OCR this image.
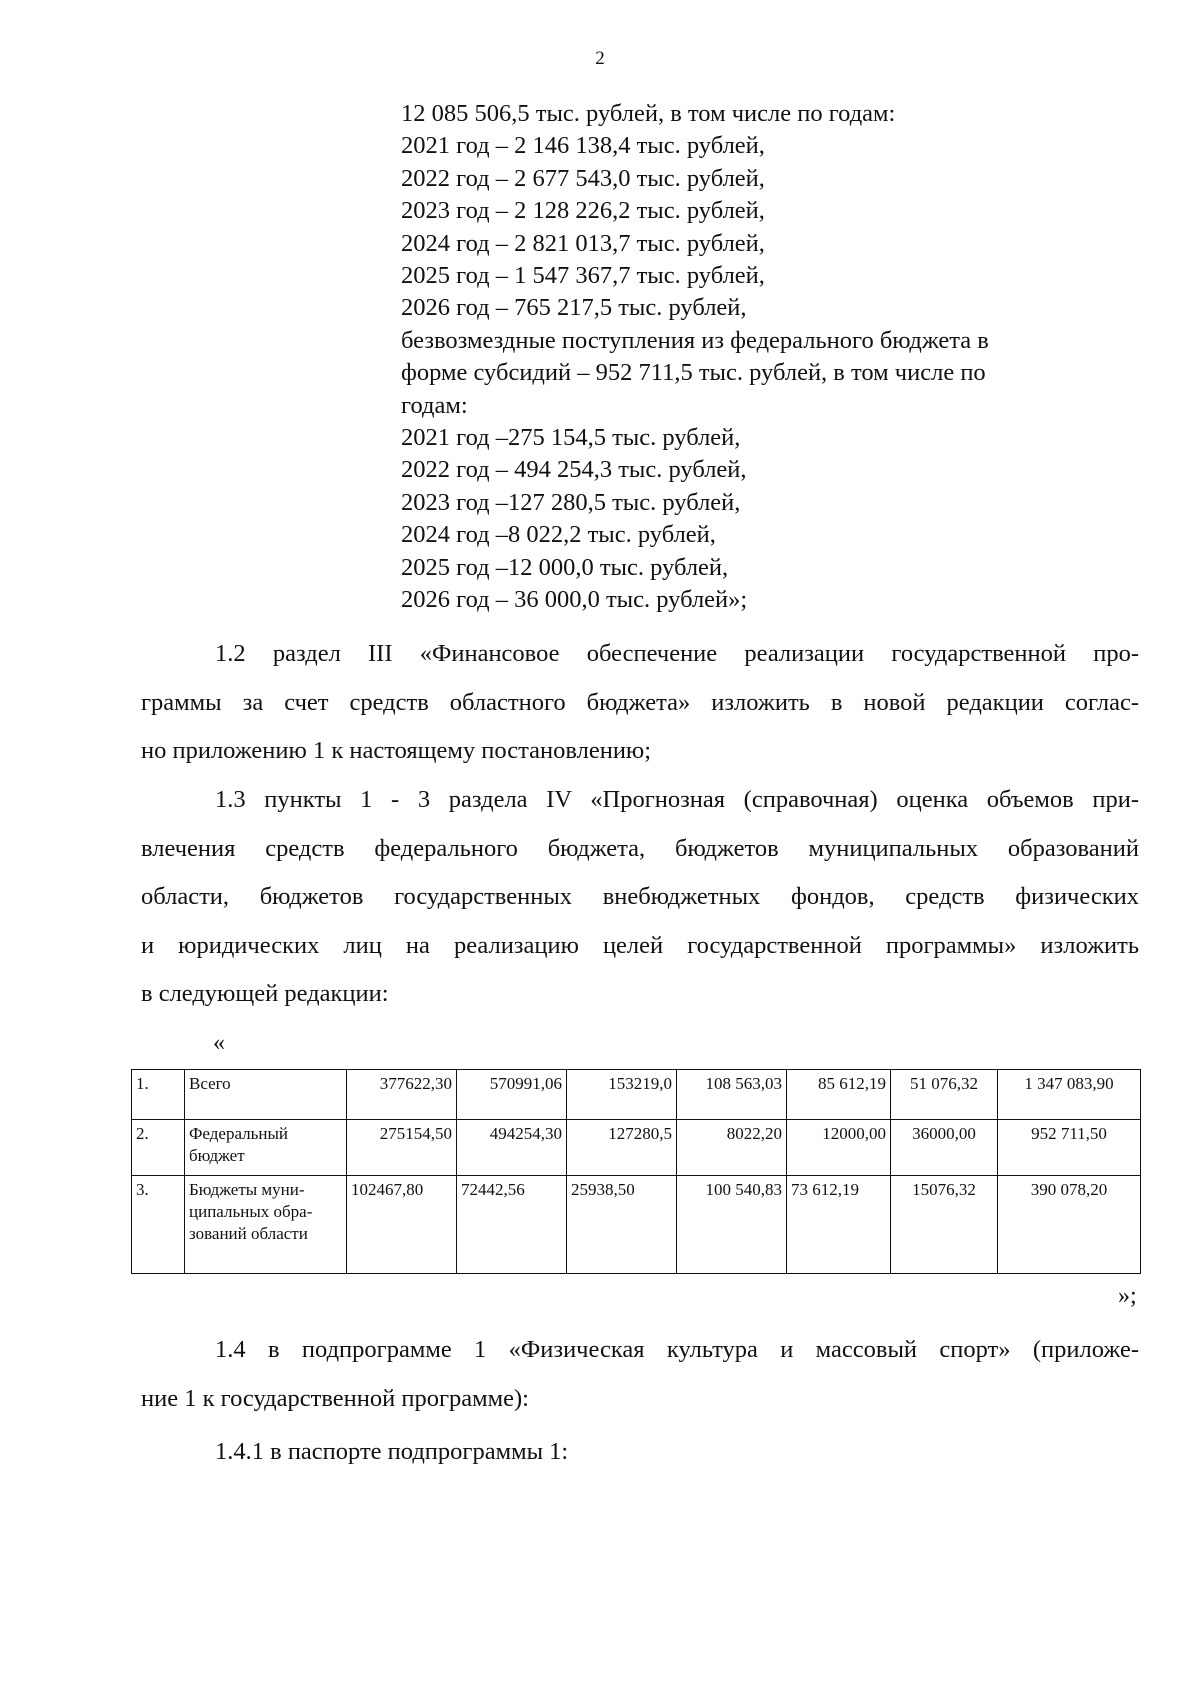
2
12 085 506,5 тыс. рублей, в том числе по годам:
2021 год – 2 146 138,4 тыс. рублей,
2022 год – 2 677 543,0 тыс. рублей,
2023 год – 2 128 226,2 тыс. рублей,
2024 год – 2 821 013,7 тыс. рублей,
2025 год – 1 547 367,7 тыс. рублей,
2026 год – 765 217,5 тыс. рублей,
безвозмездные поступления из федерального бюджета в
форме субсидий – 952 711,5 тыс. рублей, в том числе по
годам:
2021 год –275 154,5 тыс. рублей,
2022 год – 494 254,3 тыс. рублей,
2023 год –127 280,5 тыс. рублей,
2024 год –8 022,2 тыс. рублей,
2025 год –12 000,0 тыс. рублей,
2026 год – 36 000,0 тыс. рублей»;
1.2 раздел III «Финансовое обеспечение реализации государственной про-
граммы за счет средств областного бюджета» изложить в новой редакции соглас-
но приложению 1 к настоящему постановлению;
1.3 пункты 1 - 3 раздела IV «Прогнозная (справочная) оценка объемов при-
влечения средств федерального бюджета, бюджетов муниципальных образований
области, бюджетов государственных внебюджетных фондов, средств физических
и юридических лиц на реализацию целей государственной программы» изложить
в следующей редакции:
«
1.	Всего	377622,30	570991,06	153219,0	108 563,03	85 612,19	51 076,32	1 347 083,90
2.	Федеральный бюджет	275154,50	494254,30	127280,5	8022,20	12000,00	36000,00	952 711,50
3.	Бюджеты муни-ципальных обра-зований области	102467,80	72442,56	25938,50	100 540,83	73 612,19	15076,32	390 078,20
»;
1.4 в подпрограмме 1 «Физическая культура и массовый спорт» (приложе-
ние 1 к государственной программе):
1.4.1 в паспорте подпрограммы 1:
